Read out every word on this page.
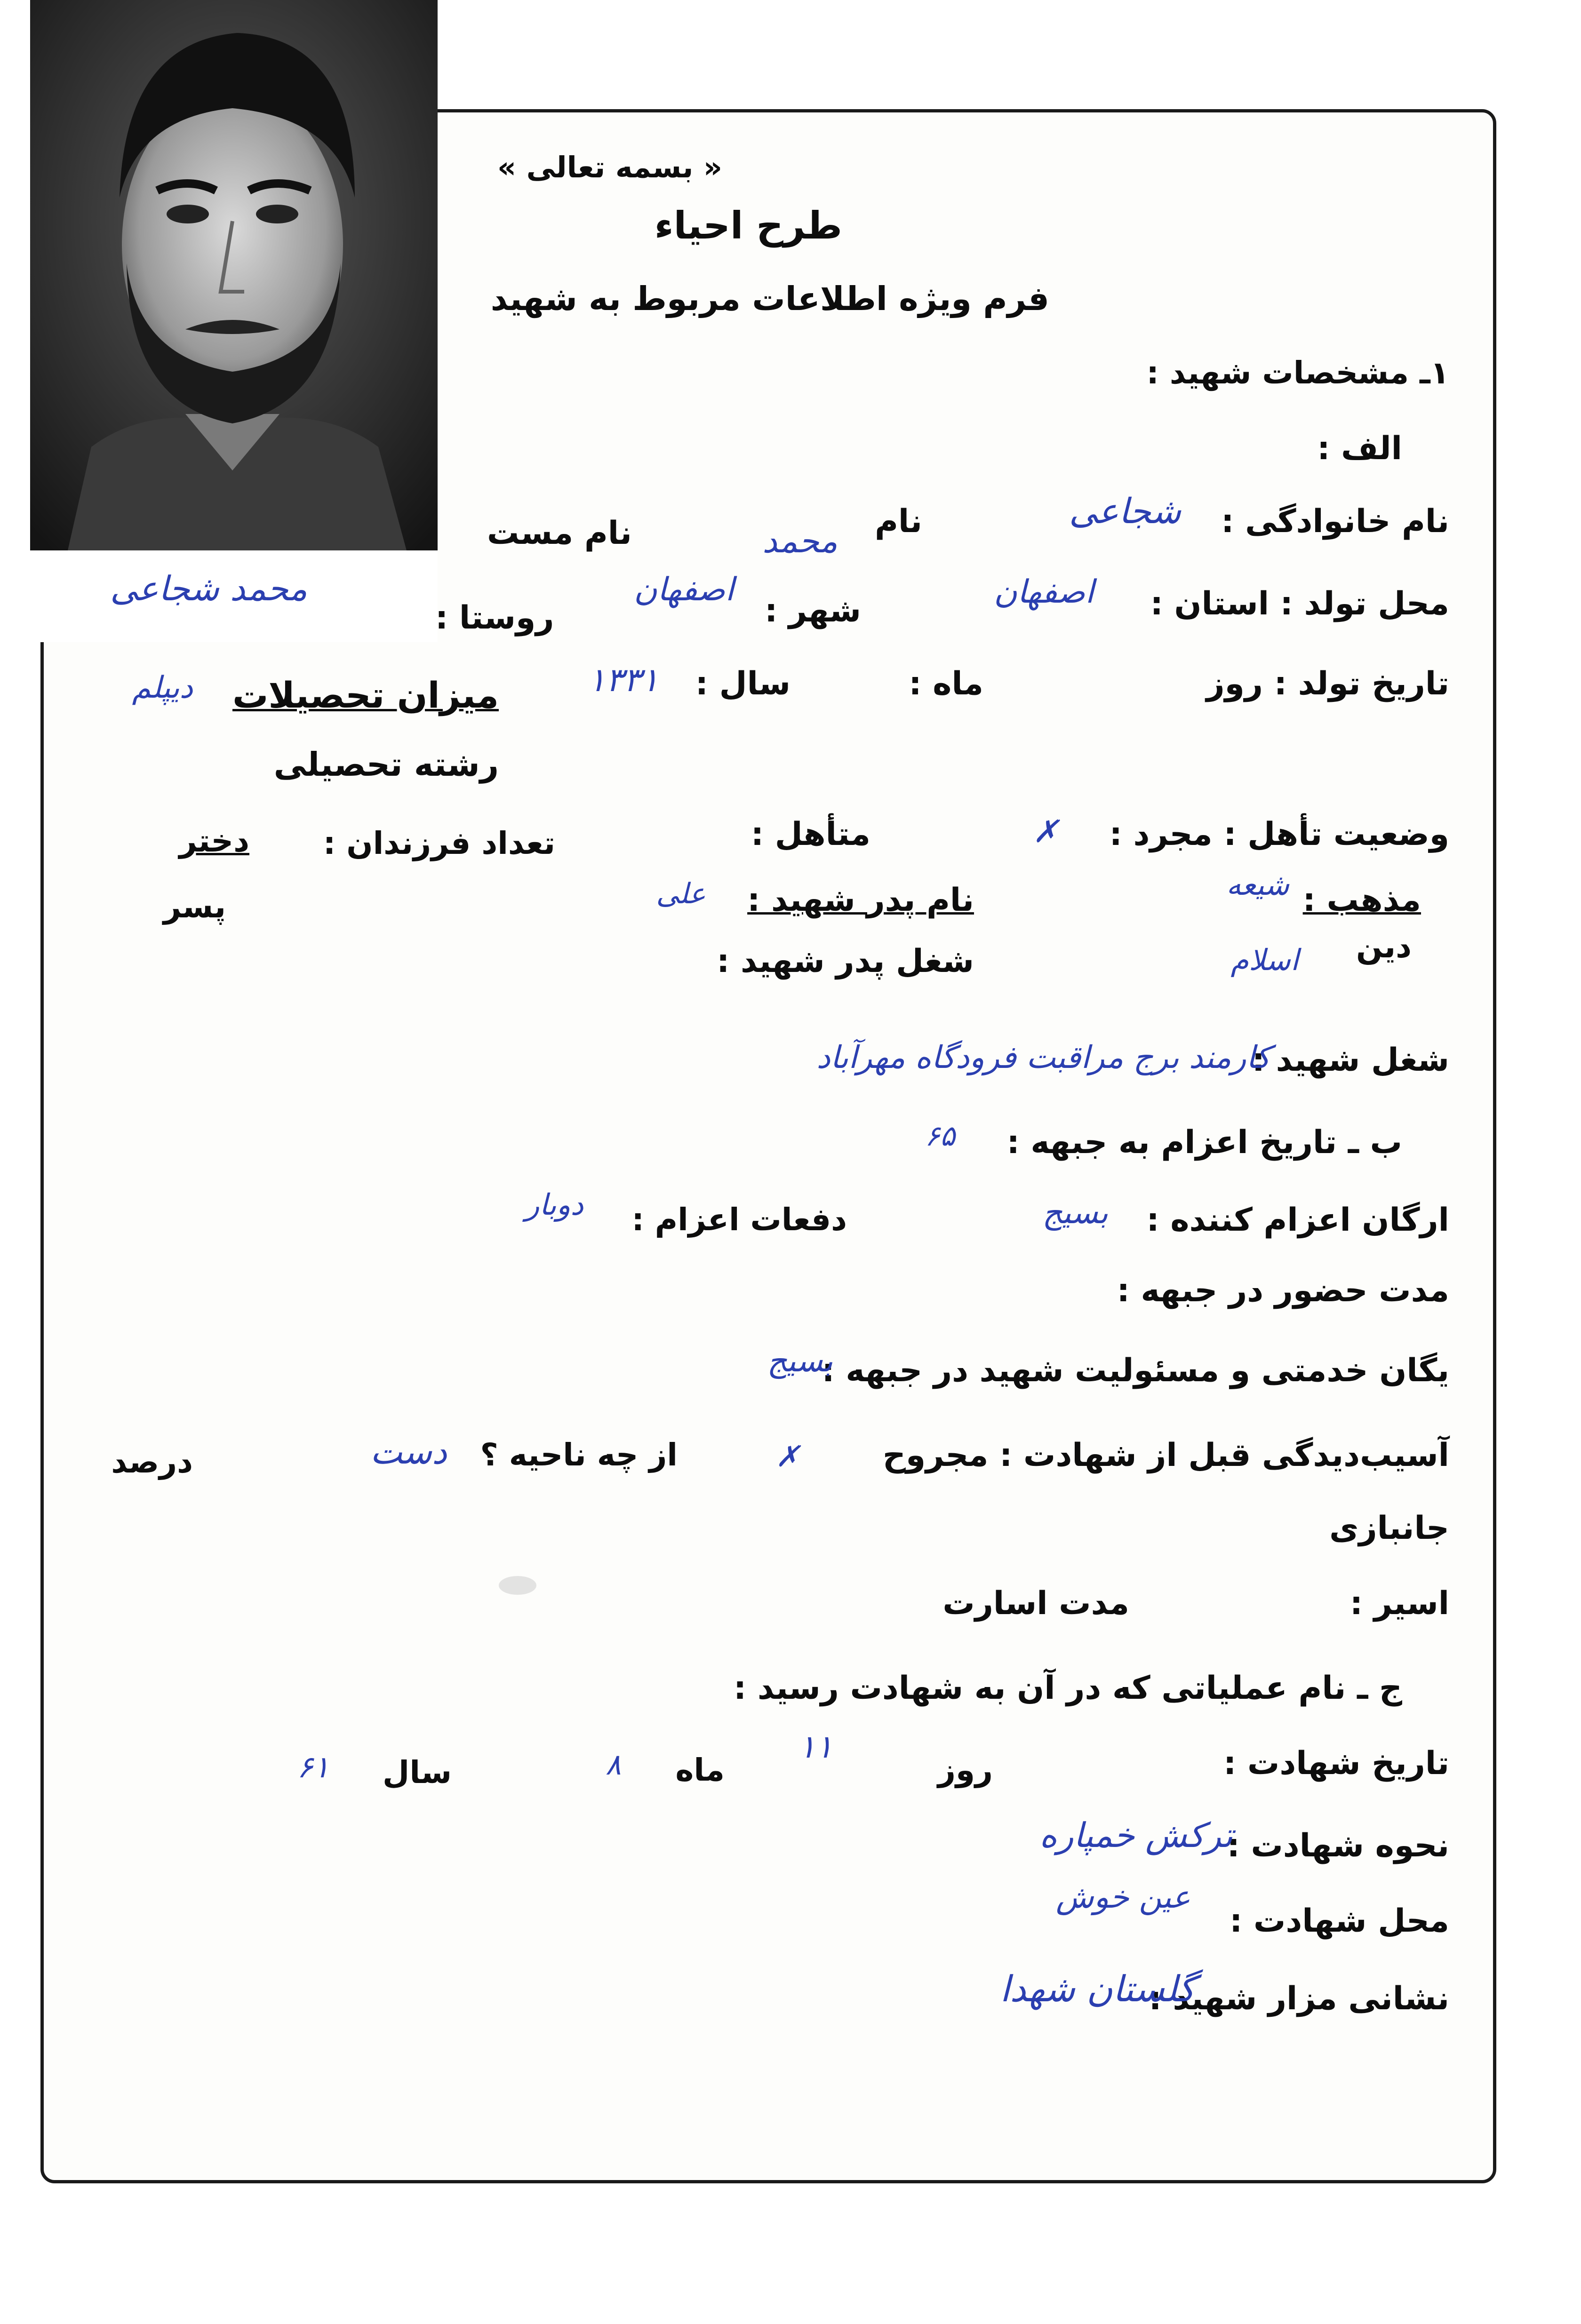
محمد شجاعی
« بسمه تعالی »
طرح احیاء
فرم ویژه اطلاعات مربوط به شهید
۱ـ مشخصات شهید :
الف :
نام خانوادگی :
شجاعی
نام
محمد
نام مست
محل تولد : استان :
اصفهان
شهر :
اصفهان
روستا :
تاریخ تولد : روز
ماه :
سال :
۱۳۳۱
میزان تحصیلات
دیپلم
رشته تحصیلی
وضعیت تأهل : مجرد :
✗
متأهل :
تعداد فرزندان :
دختر
پسر	مذهب :
شیعه
دین
اسلام
نام پدر شهید :
علی
شغل پدر شهید :
شغل شهید :
کارمند برج مراقبت فرودگاه مهرآباد
ب ـ تاریخ اعزام به جبهه :
۶۵
ارگان اعزام کننده :
بسیج
دفعات اعزام :
دوبار
مدت حضور در جبهه :
یگان خدمتی و مسئولیت شهید در جبهه :
بسیج
آسیب‌دیدگی قبل از شهادت : مجروح
✗
از چه ناحیه ؟
دست
درصد
جانبازی
اسیر :
مدت اسارت
ج ـ نام عملیاتی که در آن به شهادت رسید :
تاریخ شهادت :
روز
۱۱
ماه
۸
سال
۶۱
نحوه شهادت :
ترکش خمپاره
محل شهادت :
عین خوش
نشانی مزار شهید :
گلستان شهدا
